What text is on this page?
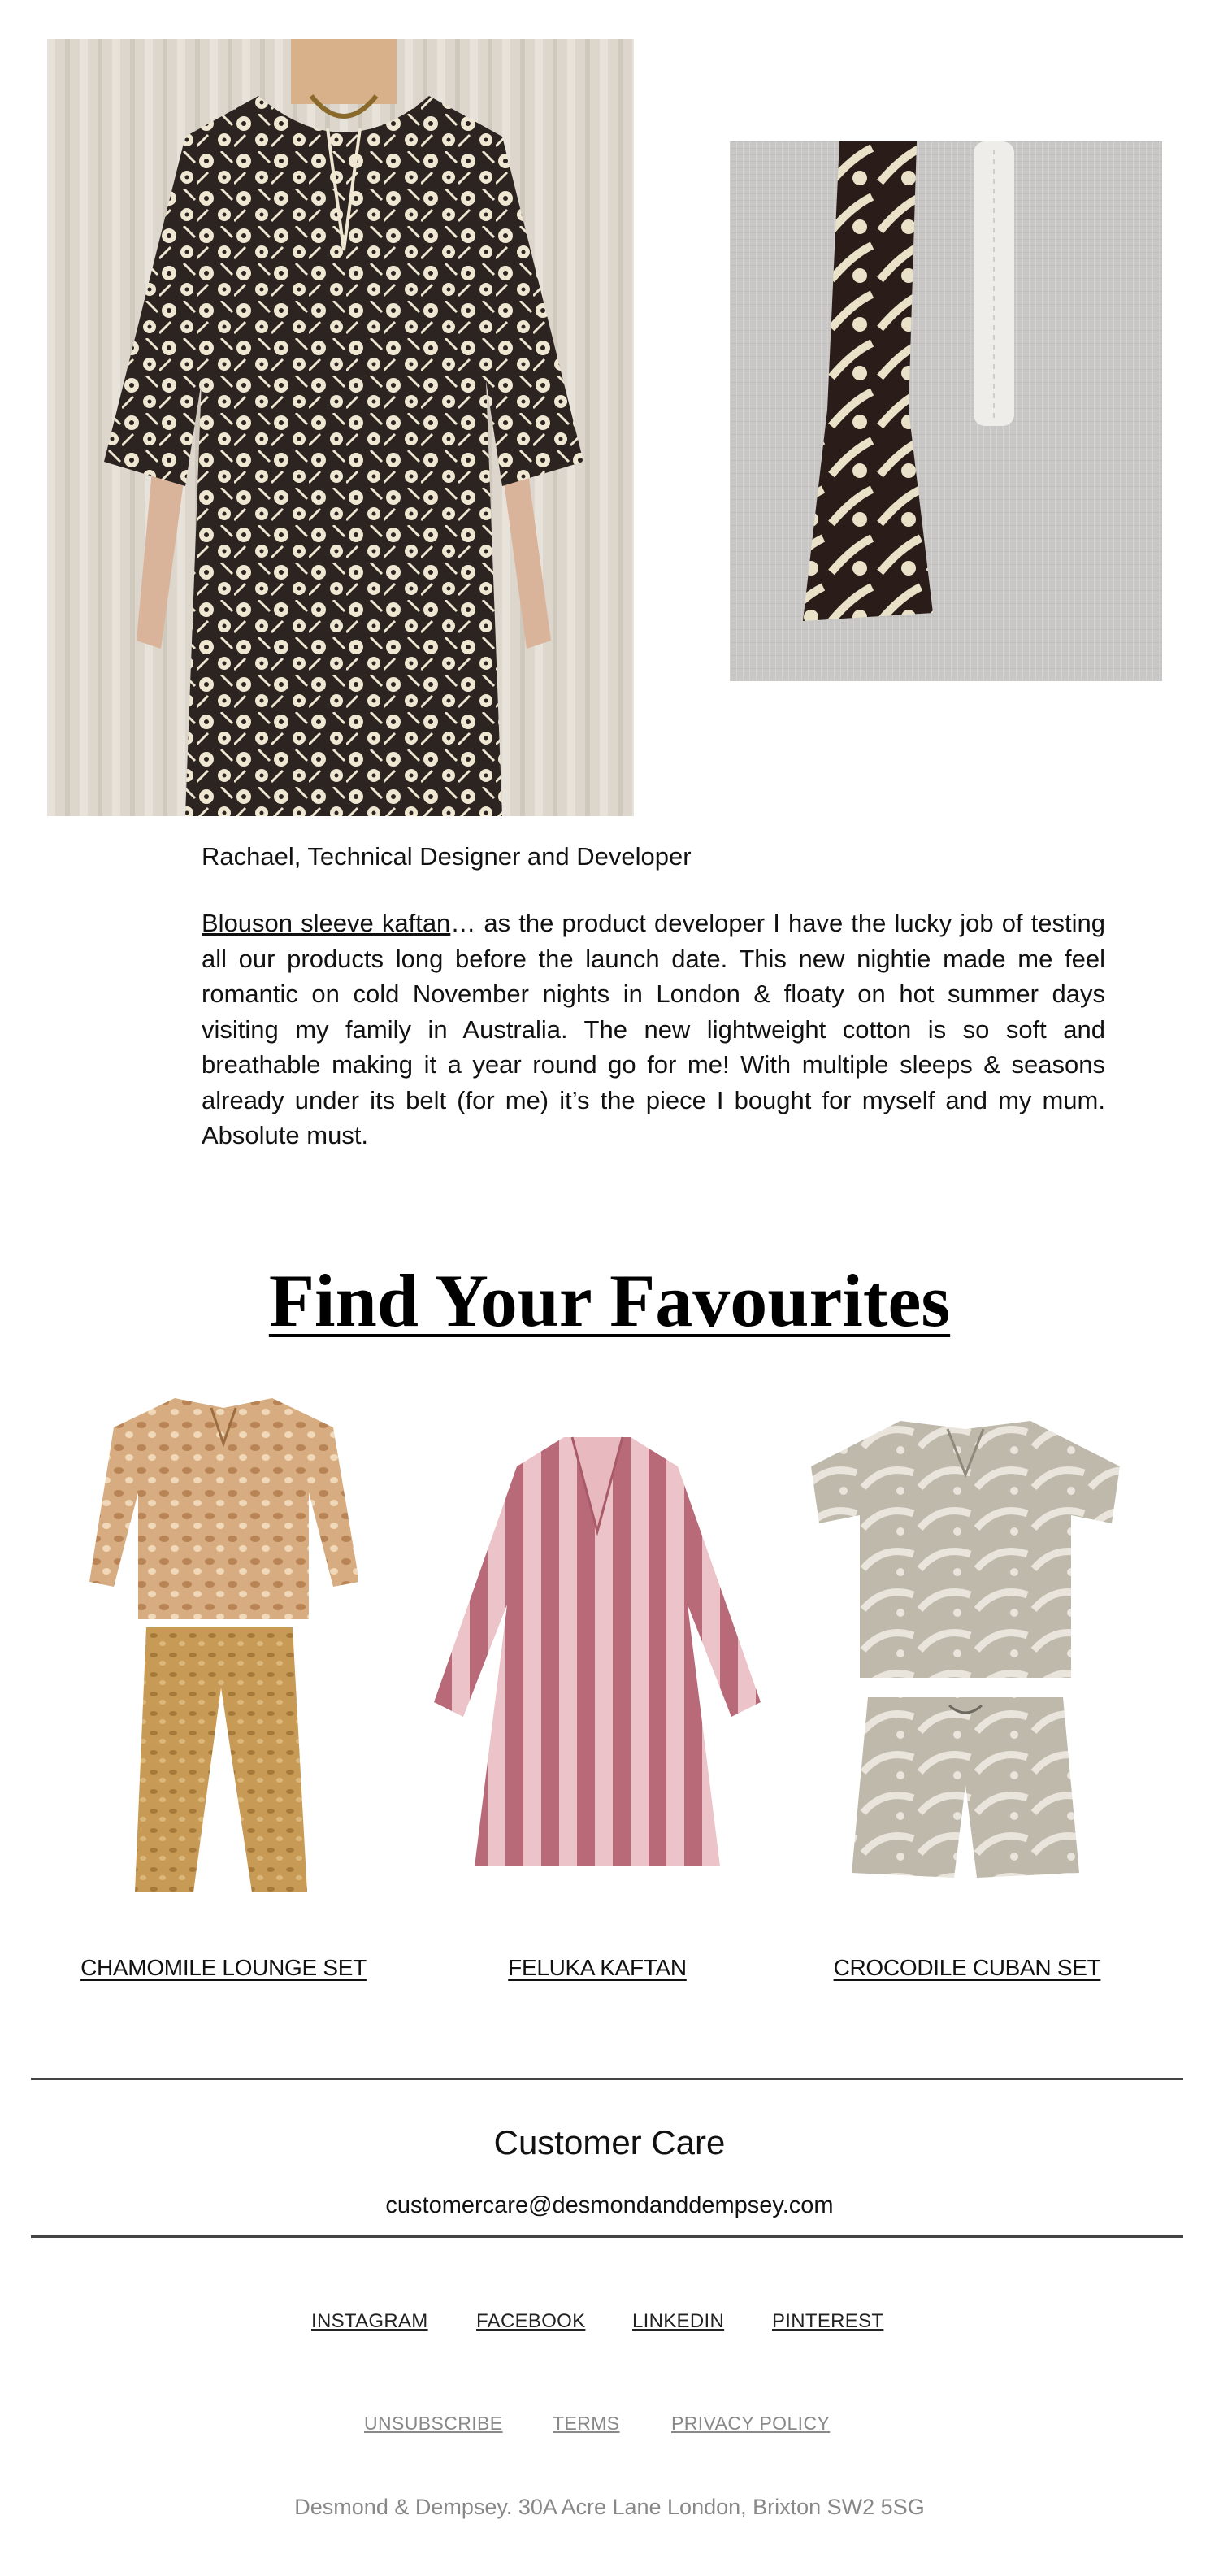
Rachael, Technical Designer and Developer

Blouson sleeve kaftan… as the product developer I have the lucky job of testing all our products long before the launch date. This new nightie made me feel romantic on cold November nights in London & floaty on hot summer days visiting my family in Australia. The new lightweight cotton is so soft and breathable making it a year round go for me! With multiple sleeps & seasons already under its belt (for me) it’s the piece I bought for myself and my mum. Absolute must.

Find Your Favourites
CHAMOMILE LOUNGE SET	FELUKA KAFTAN	CROCODILE CUBAN SET
Customer Care
customercare@desmondanddempsey.com
INSTAGRAM FACEBOOK LINKEDIN PINTEREST
UNSUBSCRIBE	TERMS	PRIVACY POLICY
Desmond & Dempsey. 30A Acre Lane London, Brixton SW2 5SG
